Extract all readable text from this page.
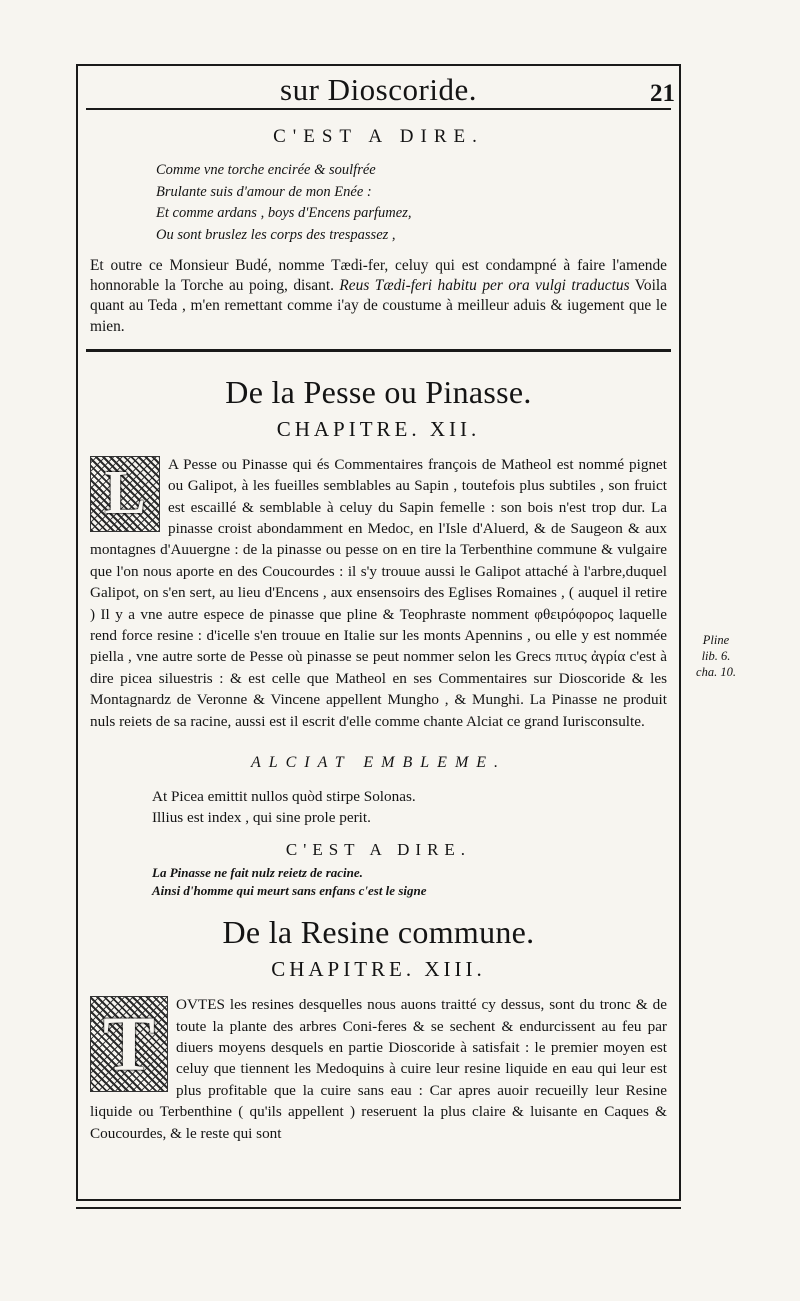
sur Dioscoride.	21
C'EST A DIRE.
Comme vne torche encirée & soulfrée
Brulante suis d'amour de mon Enée :
Et comme ardans , boys d'Encens parfumez,
Ou sont bruslez les corps des trespassez ,
Et outre ce Monsieur Budé, nomme Tædi-fer, celuy qui est condampné à faire l'amende honnorable la Torche au poing, disant. Reus Tædi-feri habitu per ora vulgi traductus Voila quant au Teda , m'en remettant comme i'ay de coustume à meilleur aduis & iugement que le mien.
De la Pesse ou Pinasse.
CHAPITRE. XII.
L	A Pesse ou Pinasse qui és Commentaires françois de Matheol est nommé pignet ou Galipot, à les fueilles semblables au Sapin , toutefois plus subtiles , son fruict est escaillé & semblable à celuy du Sapin femelle : son bois n'est trop dur. La pinasse croist abondamment en Medoc, en l'Isle d'Aluerd, & de Saugeon & aux montagnes d'Auuergne : de la pinasse ou pesse on en tire la Terbenthine commune & vulgaire que l'on nous aporte en des Coucourdes : il s'y trouue aussi le Galipot attaché à l'arbre,duquel Galipot, on s'en sert, au lieu d'Encens , aux ensensoirs des Eglises Romaines , ( auquel il retire ) Il y a vne autre espece de pinasse que pline & Teophraste nomment φθειρόφορος laquelle rend force resine : d'icelle s'en trouue en Italie sur les monts Apennins , ou elle y est nommée piella , vne autre sorte de Pesse où pinasse se peut nommer selon les Grecs πιτυς ἀγρία c'est à dire picea siluestris : & est celle que Matheol en ses Commentaires sur Dioscoride & les Montagnardz de Veronne & Vincene appellent Mungho , & Munghi. La Pinasse ne produit nuls reiets de sa racine, aussi est il escrit d'elle comme chante Alciat ce grand Iurisconsulte.
ALCIAT EMBLEME.
At Picea emittit nullos quòd stirpe Solonas.
Illius est index , qui sine prole perit.
C'EST A DIRE.
La Pinasse ne fait nulz reietz de racine.
Ainsi d'homme qui meurt sans enfans c'est le signe
De la Resine commune.
CHAPITRE. XIII.
T	OVTES les resines desquelles nous auons traitté cy dessus, sont du tronc & de toute la plante des arbres Coni-feres & se sechent & endurcissent au feu par diuers moyens desquels en partie Dioscoride à satisfait : le premier moyen est celuy que tiennent les Medoquins à cuire leur resine liquide en eau qui leur est plus profitable que la cuire sans eau : Car apres auoir recueilly leur Resine liquide ou Terbenthine ( qu'ils appellent ) reseruent la plus claire & luisante en Caques & Coucourdes, & le reste qui sont
Pline
lib. 6.
cha. 10.
